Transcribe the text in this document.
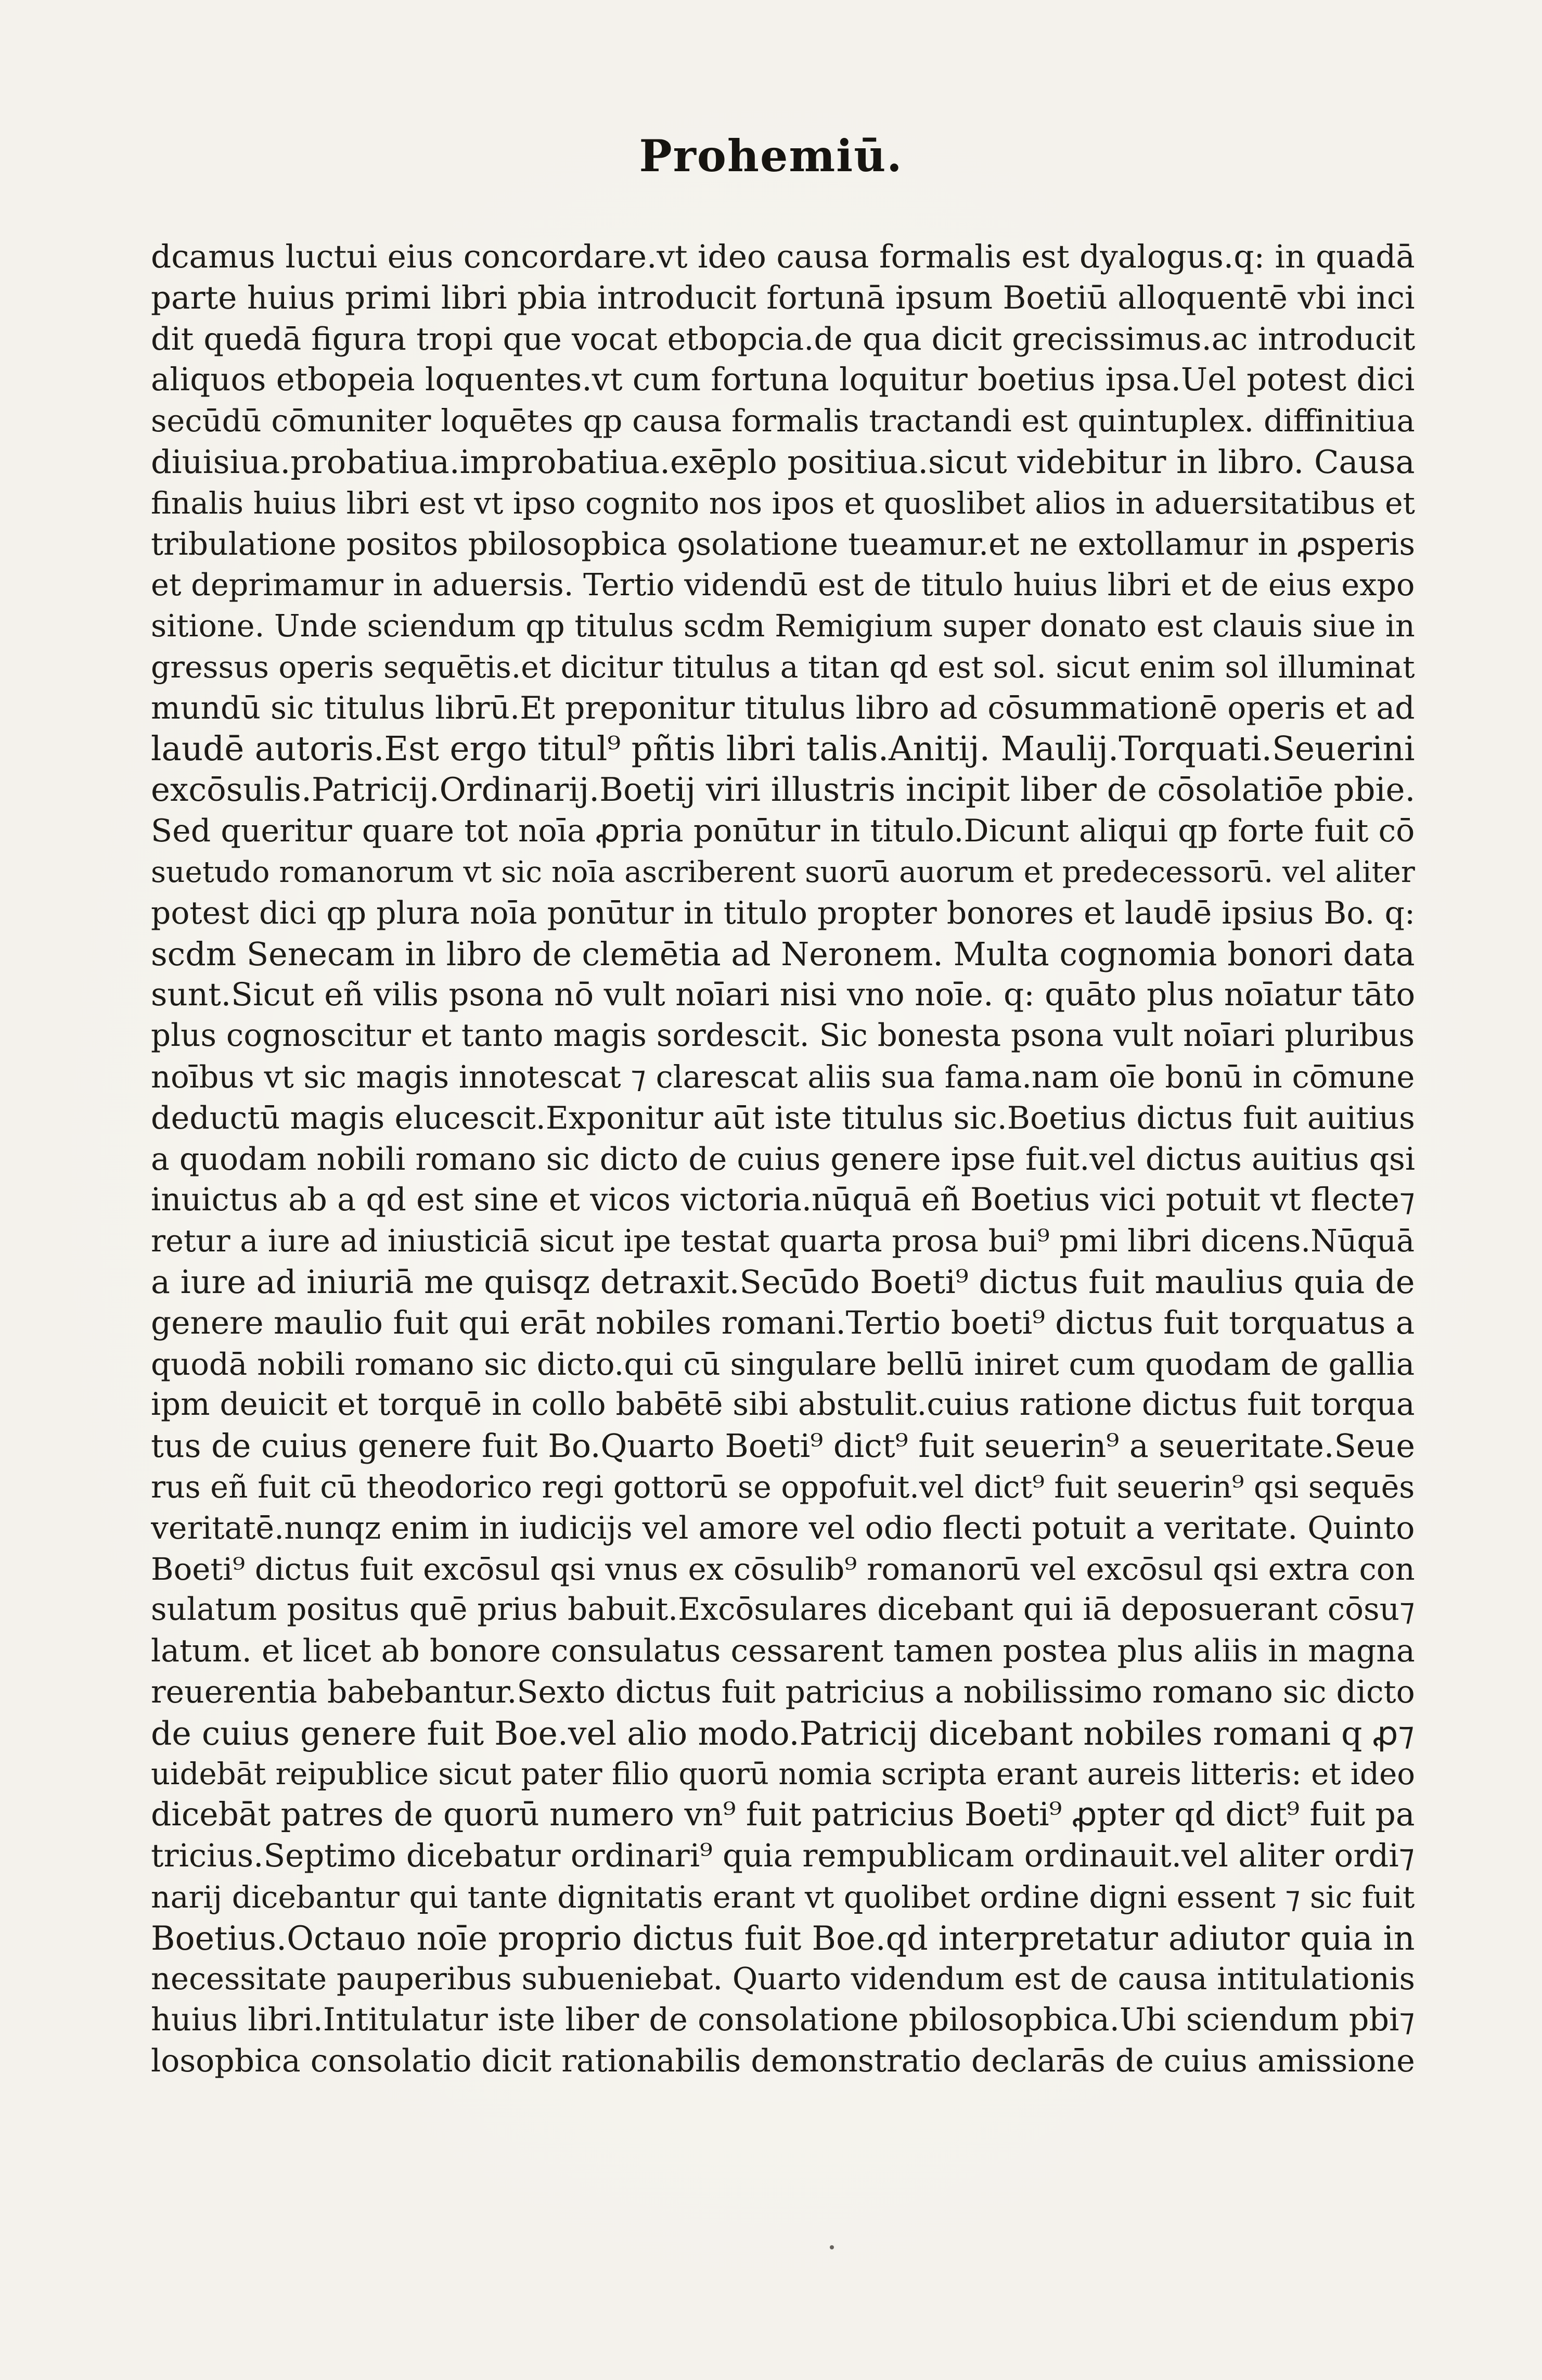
Prohemiū.
dcamus luctui eius concordare.vt ideo causa formalis est dyalogus.q: in quadā
parte huius primi libri pbia introducit fortunā ipsum Boetiū alloquentē vbi inci
dit quedā figura tropi que vocat etbopcia.de qua dicit grecissimus.ac introducit
aliquos etbopeia loquentes.vt cum fortuna loquitur boetius ipsa.Uel potest dici
secūdū cōmuniter loquētes qp causa formalis tractandi est quintuplex. diffinitiua
diuisiua.probatiua.improbatiua.exēplo positiua.sicut videbitur in libro. Causa
finalis huius libri est vt ipso cognito nos ipos et quoslibet alios in aduersitatibus et
tribulatione positos pbilosopbica ꝯsolatione tueamur.et ne extollamur in ꝓsperis
et deprimamur in aduersis. Tertio videndū est de titulo huius libri et de eius expo
sitione. Unde sciendum qp titulus scdm Remigium super donato est clauis siue in
gressus operis sequētis.et dicitur titulus a titan qd est sol. sicut enim sol illuminat
mundū sic titulus librū.Et preponitur titulus libro ad cōsummationē operis et ad
laudē autoris.Est ergo titul⁹ pñtis libri talis.Anitij. Maulij.Torquati.Seuerini
excōsulis.Patricij.Ordinarij.Boetij viri illustris incipit liber de cōsolatiōe pbie.
Sed queritur quare tot noīa ꝓpria ponūtur in titulo.Dicunt aliqui qp forte fuit cō
suetudo romanorum vt sic noīa ascriberent suorū auorum et predecessorū. vel aliter
potest dici qp plura noīa ponūtur in titulo propter bonores et laudē ipsius Bo. q:
scdm Senecam in libro de clemētia ad Neronem. Multa cognomia bonori data
sunt.Sicut eñ vilis psona nō vult noīari nisi vno noīe. q: quāto plus noīatur tāto
plus cognoscitur et tanto magis sordescit. Sic bonesta psona vult noīari pluribus
noībus vt sic magis innotescat ⁊ clarescat aliis sua fama.nam oīe bonū in cōmune
deductū magis elucescit.Exponitur aūt iste titulus sic.Boetius dictus fuit auitius
a quodam nobili romano sic dicto de cuius genere ipse fuit.vel dictus auitius qsi
inuictus ab a qd est sine et vicos victoria.nūquā eñ Boetius vici potuit vt flecte⁊
retur a iure ad iniusticiā sicut ipe testat quarta prosa bui⁹ pmi libri dicens.Nūquā
a iure ad iniuriā me quisqz detraxit.Secūdo Boeti⁹ dictus fuit maulius quia de
genere maulio fuit qui erāt nobiles romani.Tertio boeti⁹ dictus fuit torquatus a
quodā nobili romano sic dicto.qui cū singulare bellū iniret cum quodam de gallia
ipm deuicit et torquē in collo babētē sibi abstulit.cuius ratione dictus fuit torqua
tus de cuius genere fuit Bo.Quarto Boeti⁹ dict⁹ fuit seuerin⁹ a seueritate.Seue
rus eñ fuit cū theodorico regi gottorū se oppofuit.vel dict⁹ fuit seuerin⁹ qsi sequēs
veritatē.nunqz enim in iudicijs vel amore vel odio flecti potuit a veritate. Quinto
Boeti⁹ dictus fuit excōsul qsi vnus ex cōsulib⁹ romanorū vel excōsul qsi extra con
sulatum positus quē prius babuit.Excōsulares dicebant qui iā deposuerant cōsu⁊
latum. et licet ab bonore consulatus cessarent tamen postea plus aliis in magna
reuerentia babebantur.Sexto dictus fuit patricius a nobilissimo romano sic dicto
de cuius genere fuit Boe.vel alio modo.Patricij dicebant nobiles romani q ꝓ⁊
uidebāt reipublice sicut pater filio quorū nomia scripta erant aureis litteris: et ideo
dicebāt patres de quorū numero vn⁹ fuit patricius Boeti⁹ ꝓpter qd dict⁹ fuit pa
tricius.Septimo dicebatur ordinari⁹ quia rempublicam ordinauit.vel aliter ordi⁊
narij dicebantur qui tante dignitatis erant vt quolibet ordine digni essent ⁊ sic fuit
Boetius.Octauo noīe proprio dictus fuit Boe.qd interpretatur adiutor quia in
necessitate pauperibus subueniebat. Quarto videndum est de causa intitulationis
huius libri.Intitulatur iste liber de consolatione pbilosopbica.Ubi sciendum pbi⁊
losopbica consolatio dicit rationabilis demonstratio declarās de cuius amissione
